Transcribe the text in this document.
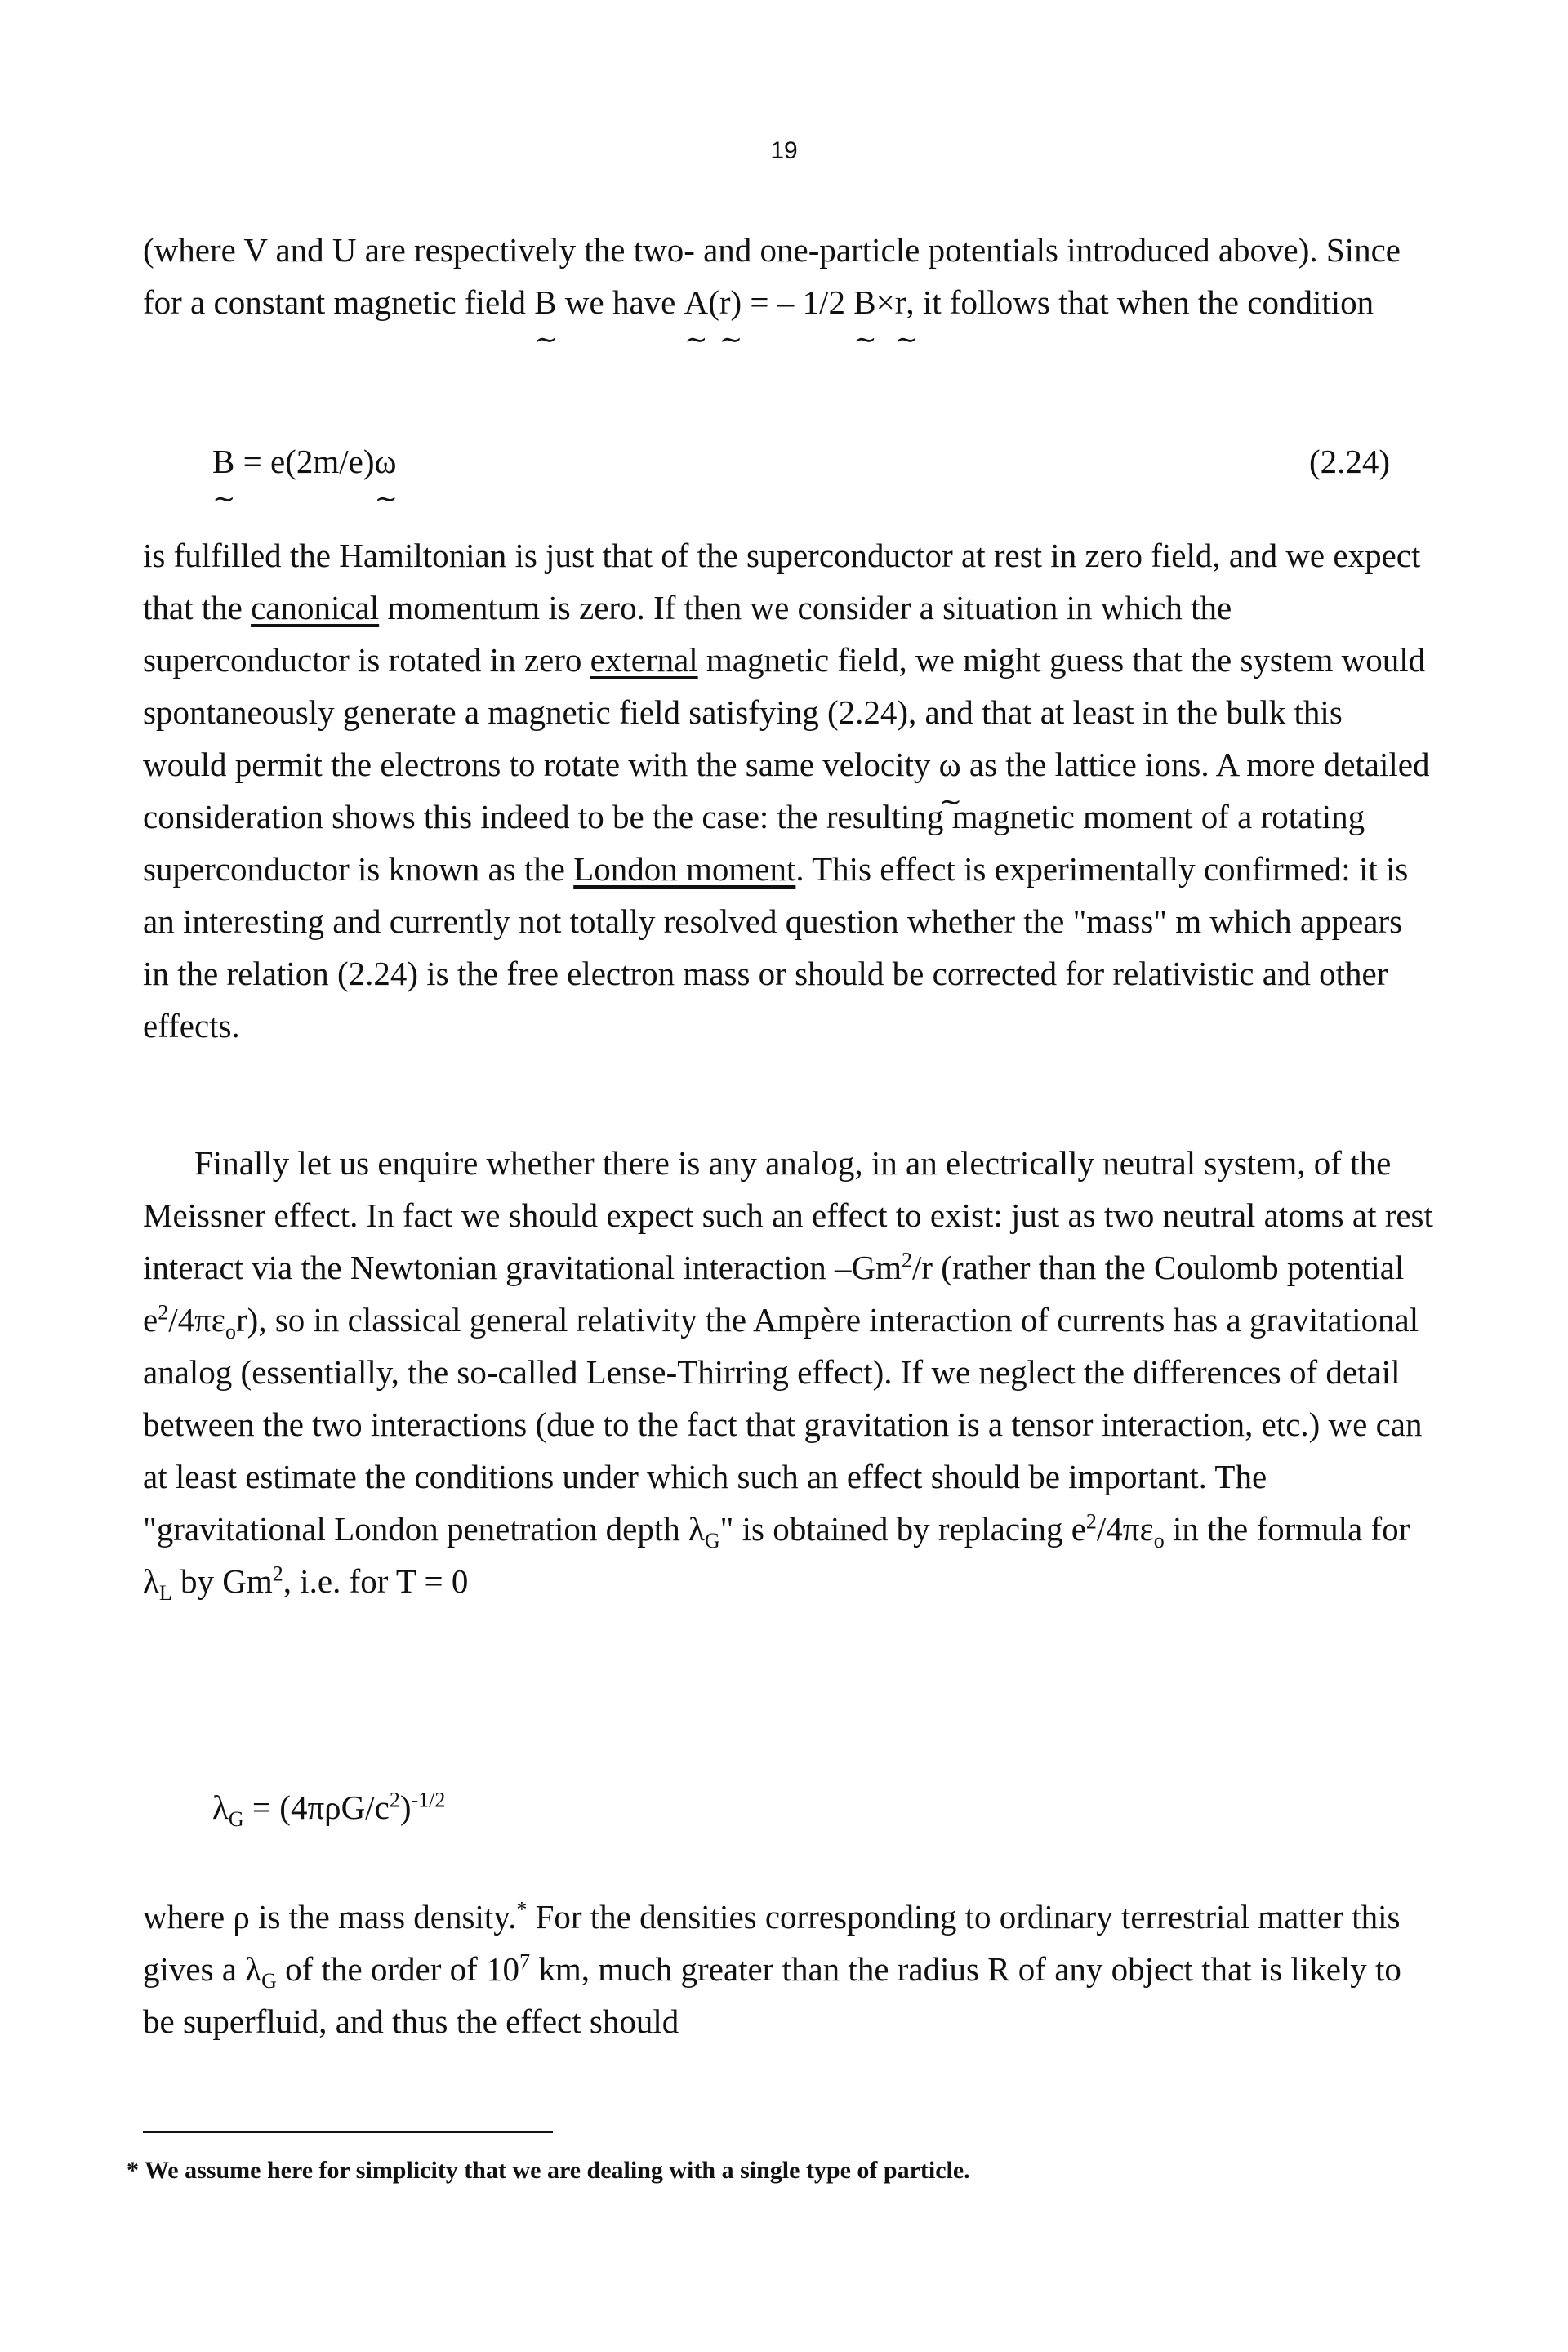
19

(where V and U are respectively the two- and one-particle potentials introduced above). Since for a constant magnetic field B ∼ we have A ∼(r ∼) = – 1/2 B ∼×r ∼, it follows that when the condition

B ∼ = e(2m/e)ω ∼	(2.24)

is fulfilled the Hamiltonian is just that of the superconductor at rest in zero field, and we expect that the canonical momentum is zero. If then we consider a situation in which the superconductor is rotated in zero external magnetic field, we might guess that the system would spontaneously generate a magnetic field satisfying (2.24), and that at least in the bulk this would permit the electrons to rotate with the same velocity ω ∼ as the lattice ions. A more detailed consideration shows this indeed to be the case: the resulting magnetic moment of a rotating superconductor is known as the London moment. This effect is experimentally confirmed: it is an interesting and currently not totally resolved question whether the "mass" m which appears in the relation (2.24) is the free electron mass or should be corrected for relativistic and other effects.

Finally let us enquire whether there is any analog, in an electrically neutral system, of the Meissner effect. In fact we should expect such an effect to exist: just as two neutral atoms at rest interact via the Newtonian gravitational interaction –Gm$^2$/r (rather than the Coulomb potential $e^2/4\pi\varepsilon_or$), so in classical general relativity the Ampère interaction of currents has a gravitational analog (essentially, the so-called Lense-Thirring effect). If we neglect the differences of detail between the two interactions (due to the fact that gravitation is a tensor interaction, etc.) we can at least estimate the conditions under which such an effect should be important. The "gravitational London penetration depth $\lambda_G$" is obtained by replacing $e^2/4\pi\varepsilon_o$ in the formula for $\lambda_L$ by Gm$^2$, i.e. for T = 0

$\lambda_G = (4\pi\rho G/c^2)^{-1/2}$

where ρ is the mass density.* For the densities corresponding to ordinary terrestrial matter this gives a $\lambda_G$ of the order of $10^7$ km, much greater than the radius R of any object that is likely to be superfluid, and thus the effect should

* We assume here for simplicity that we are dealing with a single type of particle.
